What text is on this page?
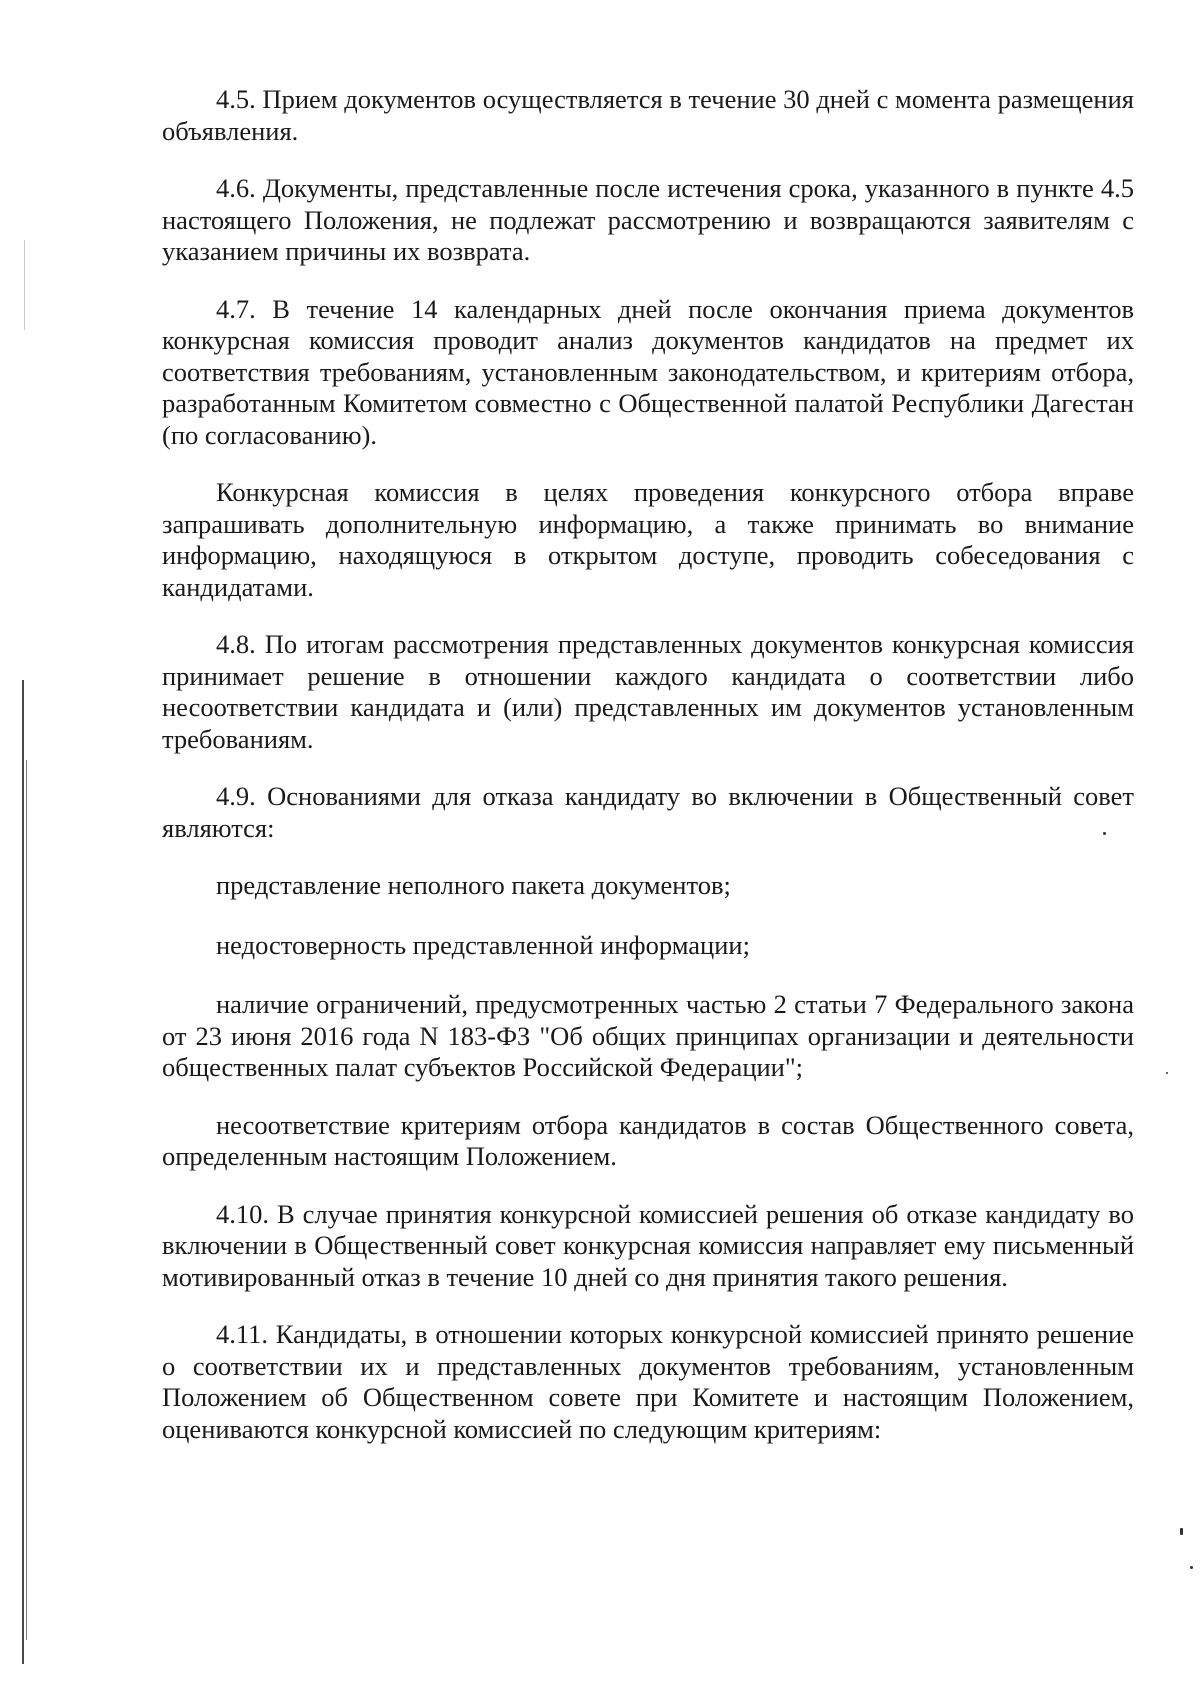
4.5. Прием документов осуществляется в течение 30 дней с момента размещения объявления.

4.6. Документы, представленные после истечения срока, указанного в пункте 4.5 настоящего Положения, не подлежат рассмотрению и возвращаются заявителям с указанием причины их возврата.

4.7. В течение 14 календарных дней после окончания приема документов конкурсная комиссия проводит анализ документов кандидатов на предмет их соответствия требованиям, установленным законодательством, и критериям отбора, разработанным Комитетом совместно с Общественной палатой Республики Дагестан (по согласованию).

Конкурсная комиссия в целях проведения конкурсного отбора вправе запрашивать дополнительную информацию, а также принимать во внимание информацию, находящуюся в открытом доступе, проводить собеседования с кандидатами.

4.8. По итогам рассмотрения представленных документов конкурсная комиссия принимает решение в отношении каждого кандидата о соответствии либо несоответствии кандидата и (или) представленных им документов установленным требованиям.

4.9. Основаниями для отказа кандидату во включении в Общественный совет являются:

представление неполного пакета документов;

недостоверность представленной информации;

наличие ограничений, предусмотренных частью 2 статьи 7 Федерального закона от 23 июня 2016 года N 183-ФЗ "Об общих принципах организации и деятельности общественных палат субъектов Российской Федерации";

несоответствие критериям отбора кандидатов в состав Общественного совета, определенным настоящим Положением.

4.10. В случае принятия конкурсной комиссией решения об отказе кандидату во включении в Общественный совет конкурсная комиссия направляет ему письменный мотивированный отказ в течение 10 дней со дня принятия такого решения.

4.11. Кандидаты, в отношении которых конкурсной комиссией принято решение о соответствии их и представленных документов требованиям, установленным Положением об Общественном совете при Комитете и настоящим Положением, оцениваются конкурсной комиссией по следующим критериям:
